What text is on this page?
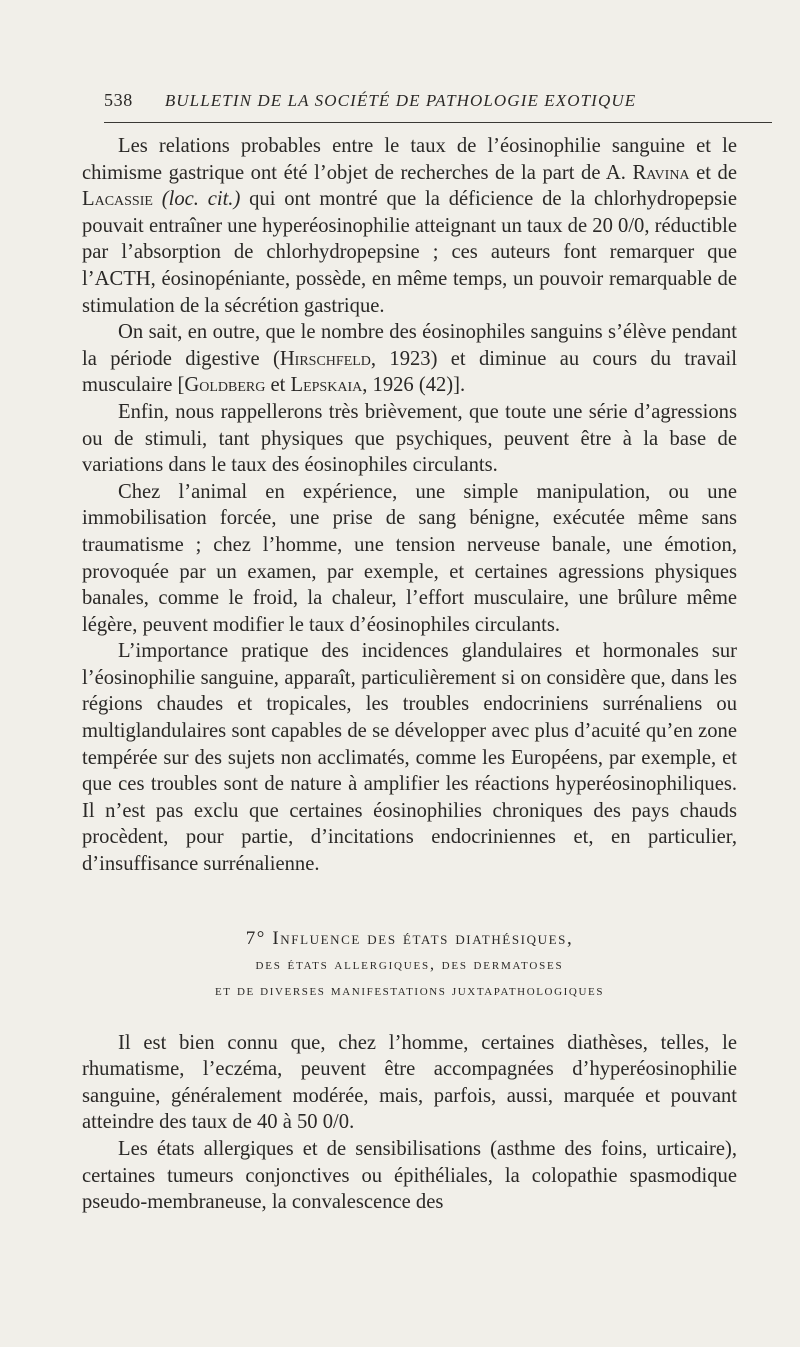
538 BULLETIN DE LA SOCIÉTÉ DE PATHOLOGIE EXOTIQUE

Les relations probables entre le taux de l’éosinophilie sanguine et le chimisme gastrique ont été l’objet de recherches de la part de A. Ravina et de Lacassie (loc. cit.) qui ont montré que la déficience de la chlorhydropepsie pouvait entraîner une hyperéosinophilie atteignant un taux de 20 0/0, réductible par l’absorption de chlorhydropepsine ; ces auteurs font remarquer que l’ACTH, éosinopéniante, possède, en même temps, un pouvoir remarquable de stimulation de la sécrétion gastrique.

On sait, en outre, que le nombre des éosinophiles sanguins s’élève pendant la période digestive (Hirschfeld, 1923) et diminue au cours du travail musculaire [Goldberg et Lepskaia, 1926 (42)].

Enfin, nous rappellerons très brièvement, que toute une série d’agressions ou de stimuli, tant physiques que psychiques, peuvent être à la base de variations dans le taux des éosinophiles circulants.

Chez l’animal en expérience, une simple manipulation, ou une immobilisation forcée, une prise de sang bénigne, exécutée même sans traumatisme ; chez l’homme, une tension nerveuse banale, une émotion, provoquée par un examen, par exemple, et certaines agressions physiques banales, comme le froid, la chaleur, l’effort musculaire, une brûlure même légère, peuvent modifier le taux d’éosinophiles circulants.

L’importance pratique des incidences glandulaires et hormonales sur l’éosinophilie sanguine, apparaît, particulièrement si on considère que, dans les régions chaudes et tropicales, les troubles endocriniens surrénaliens ou multiglandulaires sont capables de se développer avec plus d’acuité qu’en zone tempérée sur des sujets non acclimatés, comme les Européens, par exemple, et que ces troubles sont de nature à amplifier les réactions hyperéosinophiliques. Il n’est pas exclu que certaines éosinophilies chroniques des pays chauds procèdent, pour partie, d’incitations endocriniennes et, en particulier, d’insuffisance surrénalienne.

7° Influence des états diathésiques,
des états allergiques, des dermatoses
et de diverses manifestations juxtapathologiques

Il est bien connu que, chez l’homme, certaines diathèses, telles, le rhumatisme, l’eczéma, peuvent être accompagnées d’hyperéosinophilie sanguine, généralement modérée, mais, parfois, aussi, marquée et pouvant atteindre des taux de 40 à 50 0/0.

Les états allergiques et de sensibilisations (asthme des foins, urticaire), certaines tumeurs conjonctives ou épithéliales, la colopathie spasmodique pseudo-membraneuse, la convalescence des
